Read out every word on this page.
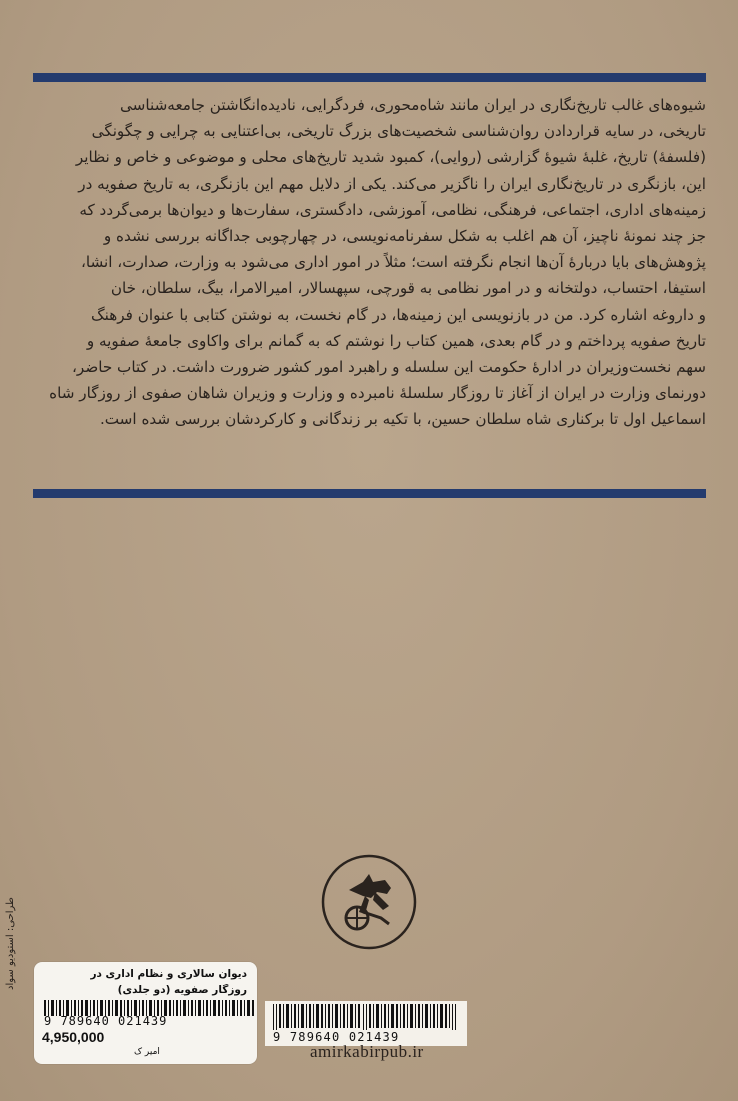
شیوه‌های غالب تاریخ‌نگاری در ایران مانند شاه‌محوری، فردگرایی، نادیده‌انگاشتن جامعه‌شناسی

تاریخی، در سایه قراردادن روان‌شناسی شخصیت‌های بزرگ تاریخی، بی‌اعتنایی به چرایی و چگونگی

(فلسفهٔ) تاریخ، غلبهٔ شیوهٔ گزارشی (روایی)، کمبود شدید تاریخ‌های محلی و موضوعی و خاص و نظایر

این، بازنگری در تاریخ‌نگاری ایران را ناگزیر می‌کند. یکی از دلایل مهم این بازنگری، به تاریخ صفویه در

زمینه‌های اداری، اجتماعی، فرهنگی، نظامی، آموزشی، دادگستری، سفارت‌ها و دیوان‌ها برمی‌گردد که

جز چند نمونهٔ ناچیز، آن هم اغلب به شکل سفرنامه‌نویسی، در چهارچوبی جداگانه بررسی نشده و

پژوهش‌های بایا دربارهٔ آن‌ها انجام نگرفته است؛ مثلاً در امور اداری می‌شود به وزارت، صدارت، انشا،

استیفا، احتساب، دولتخانه و در امور نظامی به قورچی، سپهسالار، امیرالامرا، بیگ، سلطان، خان

و داروغه اشاره کرد. من در بازنویسی این زمینه‌ها، در گام نخست، به نوشتن کتابی با عنوان فرهنگ

تاریخ صفویه پرداختم و در گام بعدی، همین کتاب را نوشتم که به گمانم برای واکاوی جامعهٔ صفویه و

سهم نخست‌وزیران در ادارهٔ حکومت این سلسله و راهبرد امور کشور ضرورت داشت. در کتاب حاضر،

دورنمای وزارت در ایران از آغاز تا روزگار سلسلهٔ نامبرده و وزارت و وزیران شاهان صفوی از روزگار شاه

اسماعیل اول تا برکناری شاه سلطان حسین، با تکیه بر زندگانی و کارکردشان بررسی شده است.

طراحی: استودیو سواد	دیوان سالاری و نظام اداری در
روزگار صفویه (دو جلدی)
9 789640 021439
4,950,000
امیر ک
9 789640 021439
amirkabirpub.ir
